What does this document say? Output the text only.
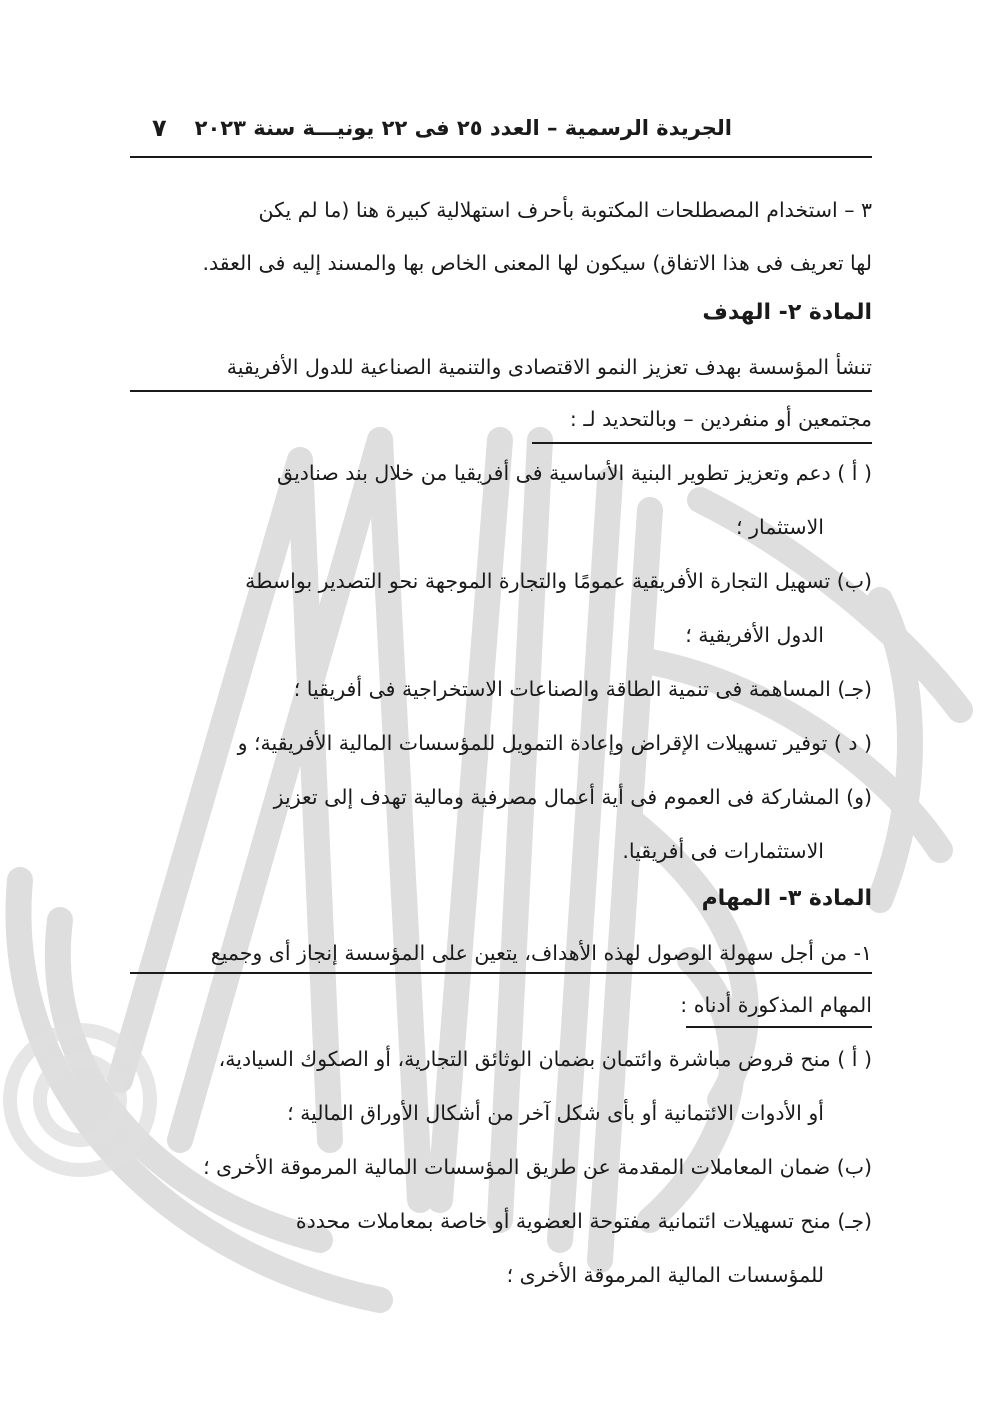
الجريدة الرسمية – العدد ٢٥ فى ٢٢ يونيـــة سنة ٢٠٢٣
٧
٣ – استخدام المصطلحات المكتوبة بأحرف استهلالية كبيرة هنا (ما لم يكن
لها تعريف فى هذا الاتفاق) سيكون لها المعنى الخاص بها والمسند إليه فى العقد.
المادة ٢- الهدف
تنشأ المؤسسة بهدف تعزيز النمو الاقتصادى والتنمية الصناعية للدول الأفريقية
مجتمعين أو منفردين – وبالتحديد لـ :
( أ ) دعم وتعزيز تطوير البنية الأساسية فى أفريقيا من خلال بند صناديق
الاستثمار ؛
(ب) تسهيل التجارة الأفريقية عمومًا والتجارة الموجهة نحو التصدير بواسطة
الدول الأفريقية ؛
(جـ) المساهمة فى تنمية الطاقة والصناعات الاستخراجية فى أفريقيا ؛
( د ) توفير تسهيلات الإقراض وإعادة التمويل للمؤسسات المالية الأفريقية؛ و
(و) المشاركة فى العموم فى أية أعمال مصرفية ومالية تهدف إلى تعزيز
الاستثمارات فى أفريقيا.
المادة ٣- المهام
١- من أجل سهولة الوصول لهذه الأهداف، يتعين على المؤسسة إنجاز أى وجميع
المهام المذكورة أدناه :
( أ ) منح قروض مباشرة وائتمان بضمان الوثائق التجارية، أو الصكوك السيادية،
أو الأدوات الائتمانية أو بأى شكل آخر من أشكال الأوراق المالية ؛
(ب) ضمان المعاملات المقدمة عن طريق المؤسسات المالية المرموقة الأخرى ؛
(جـ) منح تسهيلات ائتمانية مفتوحة العضوية أو خاصة بمعاملات محددة
للمؤسسات المالية المرموقة الأخرى ؛
